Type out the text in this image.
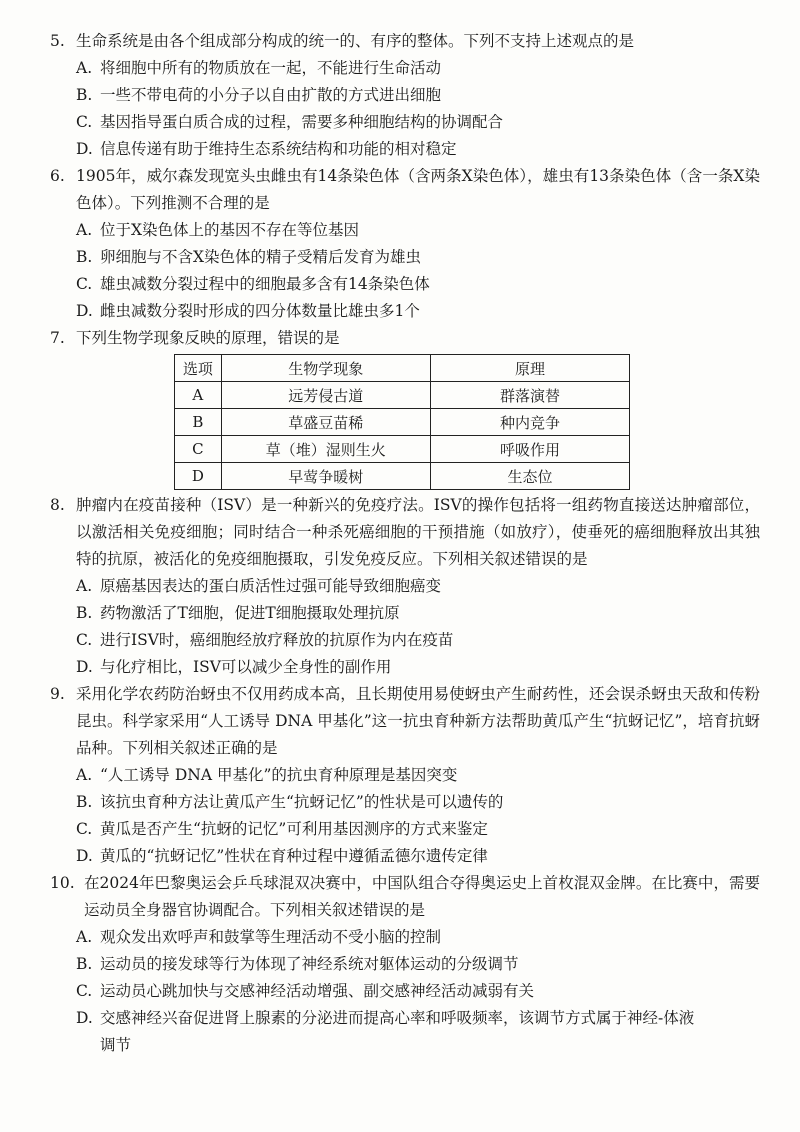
5. 生命系统是由各个组成部分构成的统一的、有序的整体。下列不支持上述观点的是
A. 将细胞中所有的物质放在一起，不能进行生命活动
B. 一些不带电荷的小分子以自由扩散的方式进出细胞
C. 基因指导蛋白质合成的过程，需要多种细胞结构的协调配合
D. 信息传递有助于维持生态系统结构和功能的相对稳定
6. 1905年，威尔森发现宽头虫雌虫有14条染色体（含两条X染色体），雄虫有13条染色体（含一条X染色体）。下列推测不合理的是
A. 位于X染色体上的基因不存在等位基因
B. 卵细胞与不含X染色体的精子受精后发育为雄虫
C. 雄虫减数分裂过程中的细胞最多含有14条染色体
D. 雌虫减数分裂时形成的四分体数量比雄虫多1个
7. 下列生物学现象反映的原理，错误的是
选项	生物学现象	原理
A	远芳侵古道	群落演替
B	草盛豆苗稀	种内竞争
C	草（堆）湿则生火	呼吸作用
D	早莺争暖树	生态位
8. 肿瘤内在疫苗接种（ISV）是一种新兴的免疫疗法。ISV的操作包括将一组药物直接送达肿瘤部位，以激活相关免疫细胞；同时结合一种杀死癌细胞的干预措施（如放疗），使垂死的癌细胞释放出其独特的抗原，被活化的免疫细胞摄取，引发免疫反应。下列相关叙述错误的是
A. 原癌基因表达的蛋白质活性过强可能导致细胞癌变
B. 药物激活了T细胞，促进T细胞摄取处理抗原
C. 进行ISV时，癌细胞经放疗释放的抗原作为内在疫苗
D. 与化疗相比，ISV可以减少全身性的副作用
9. 采用化学农药防治蚜虫不仅用药成本高，且长期使用易使蚜虫产生耐药性，还会误杀蚜虫天敌和传粉昆虫。科学家采用“人工诱导 DNA 甲基化”这一抗虫育种新方法帮助黄瓜产生“抗蚜记忆”，培育抗蚜品种。下列相关叙述正确的是
A. “人工诱导 DNA 甲基化”的抗虫育种原理是基因突变
B. 该抗虫育种方法让黄瓜产生“抗蚜记忆”的性状是可以遗传的
C. 黄瓜是否产生“抗蚜的记忆”可利用基因测序的方式来鉴定
D. 黄瓜的“抗蚜记忆”性状在育种过程中遵循孟德尔遗传定律
10. 在2024年巴黎奥运会乒乓球混双决赛中，中国队组合夺得奥运史上首枚混双金牌。在比赛中，需要运动员全身器官协调配合。下列相关叙述错误的是
A. 观众发出欢呼声和鼓掌等生理活动不受小脑的控制
B. 运动员的接发球等行为体现了神经系统对躯体运动的分级调节
C. 运动员心跳加快与交感神经活动增强、副交感神经活动减弱有关
D. 交感神经兴奋促进肾上腺素的分泌进而提高心率和呼吸频率，该调节方式属于神经-体液
调节
